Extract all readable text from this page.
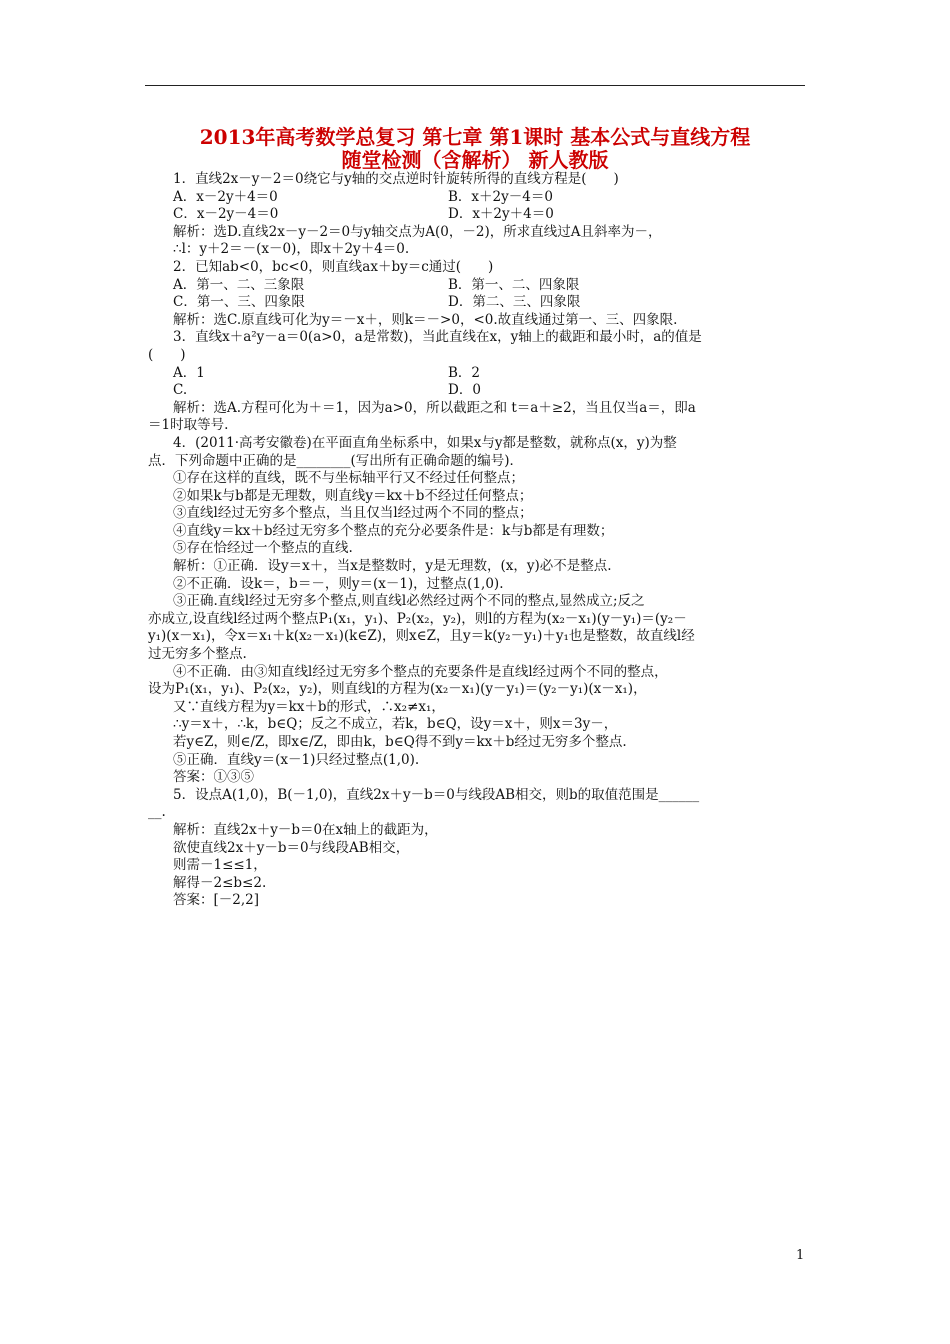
2013年高考数学总复习 第七章 第1课时 基本公式与直线方程
随堂检测（含解析） 新人教版
1．直线2x－y－2＝0绕它与y轴的交点逆时针旋转所得的直线方程是(　　)
A．x－2y＋4＝0	B．x＋2y－4＝0
C．x－2y－4＝0	D．x＋2y＋4＝0
解析：选D.直线2x－y－2＝0与y轴交点为A(0，－2)，所求直线过A且斜率为－，
∴l：y＋2＝－(x－0)，即x＋2y＋4＝0.
2．已知ab<0，bc<0，则直线ax＋by＝c通过(　　)
A．第一、二、三象限	B．第一、二、四象限
C．第一、三、四象限	D．第二、三、四象限
解析：选C.原直线可化为y＝－x＋，则k＝－>0，<0.故直线通过第一、三、四象限.
3．直线x＋a²y－a＝0(a>0，a是常数)，当此直线在x，y轴上的截距和最小时，a的值是
(　　)
A．1	B．2
C.	D．0
解析：选A.方程可化为＋＝1，因为a>0，所以截距之和 t＝a＋≥2，当且仅当a＝，即a
＝1时取等号.
4．(2011·高考安徽卷)在平面直角坐标系中，如果x与y都是整数，就称点(x，y)为整
点．下列命题中正确的是________(写出所有正确命题的编号)．
①存在这样的直线，既不与坐标轴平行又不经过任何整点；
②如果k与b都是无理数，则直线y＝kx＋b不经过任何整点；
③直线l经过无穷多个整点，当且仅当l经过两个不同的整点；
④直线y＝kx＋b经过无穷多个整点的充分必要条件是：k与b都是有理数；
⑤存在恰经过一个整点的直线.
解析：①正确．设y＝x＋，当x是整数时，y是无理数，(x，y)必不是整点.
②不正确．设k＝，b＝－，则y＝(x－1)，过整点(1,0).
③正确.直线l经过无穷多个整点,则直线l必然经过两个不同的整点,显然成立;反之
亦成立,设直线l经过两个整点P₁(x₁，y₁)、P₂(x₂，y₂)，则l的方程为(x₂－x₁)(y－y₁)＝(y₂－
y₁)(x－x₁)，令x＝x₁＋k(x₂－x₁)(k∈Z)，则x∈Z，且y＝k(y₂－y₁)＋y₁也是整数，故直线l经
过无穷多个整点.
④不正确．由③知直线l经过无穷多个整点的充要条件是直线l经过两个不同的整点，
设为P₁(x₁，y₁)、P₂(x₂，y₂)，则直线l的方程为(x₂－x₁)(y－y₁)＝(y₂－y₁)(x－x₁)，
又∵直线方程为y＝kx＋b的形式，∴x₂≠x₁，
∴y＝x＋，∴k，b∈Q；反之不成立，若k，b∈Q，设y＝x＋，则x＝3y－，
若y∈Z，则∈/Z，即x∈/Z，即由k，b∈Q得不到y＝kx＋b经过无穷多个整点.
⑤正确．直线y＝(x－1)只经过整点(1,0).
答案：①③⑤
5．设点A(1,0)，B(－1,0)，直线2x＋y－b＝0与线段AB相交，则b的取值范围是______
__.
解析：直线2x＋y－b＝0在x轴上的截距为，
欲使直线2x＋y－b＝0与线段AB相交，
则需－1≤≤1，
解得－2≤b≤2.
答案：[－2,2]
1
